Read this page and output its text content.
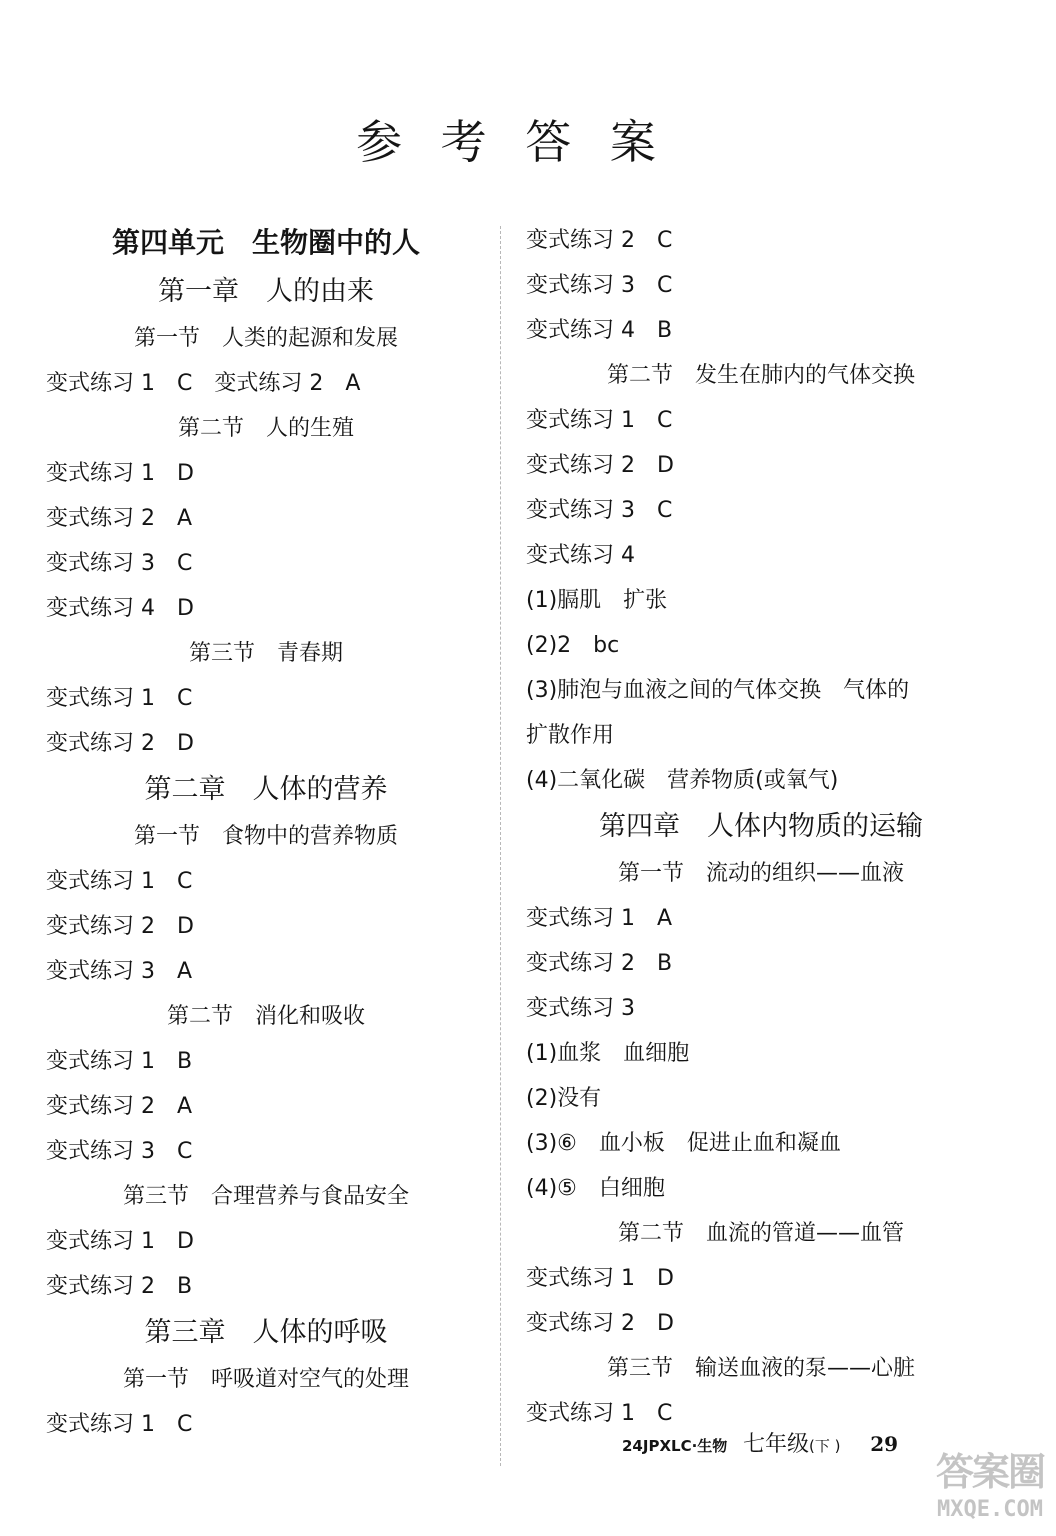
参 考 答 案
第四单元　生物圈中的人
第一章　人的由来
第一节　人类的起源和发展
变式练习 1　C　变式练习 2　A
第二节　人的生殖
变式练习 1　D
变式练习 2　A
变式练习 3　C
变式练习 4　D
第三节　青春期
变式练习 1　C
变式练习 2　D
第二章　人体的营养
第一节　食物中的营养物质
变式练习 1　C
变式练习 2　D
变式练习 3　A
第二节　消化和吸收
变式练习 1　B
变式练习 2　A
变式练习 3　C
第三节　合理营养与食品安全
变式练习 1　D
变式练习 2　B
第三章　人体的呼吸
第一节　呼吸道对空气的处理
变式练习 1　C
变式练习 2　C
变式练习 3　C
变式练习 4　B
第二节　发生在肺内的气体交换
变式练习 1　C
变式练习 2　D
变式练习 3　C
变式练习 4
(1)膈肌　扩张
(2)2　bc
(3)肺泡与血液之间的气体交换　气体的
扩散作用
(4)二氧化碳　营养物质(或氧气)
第四章　人体内物质的运输
第一节　流动的组织——血液
变式练习 1　A
变式练习 2　B
变式练习 3
(1)血浆　血细胞
(2)没有
(3)⑥　血小板　促进止血和凝血
(4)⑤　白细胞
第二节　血流的管道——血管
变式练习 1　D
变式练习 2　D
第三节　输送血液的泵——心脏
变式练习 1　C
24JPXLC·生物 七年级(下 ) 29
答案圈
MXQE.COM
